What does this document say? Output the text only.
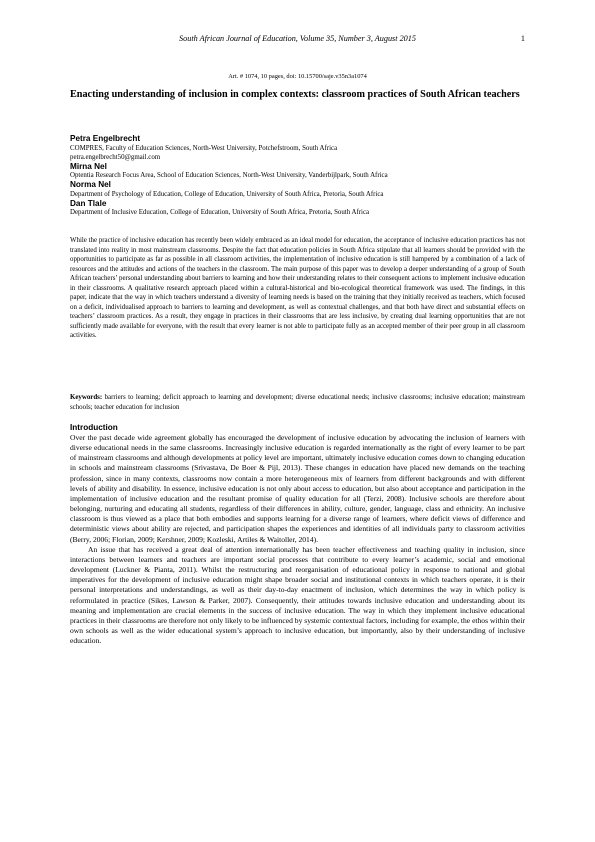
South African Journal of Education, Volume 35, Number 3, August 2015	1
Art. # 1074, 10 pages, doi: 10.15700/saje.v35n3a1074
Enacting understanding of inclusion in complex contexts: classroom practices of South African teachers
Petra Engelbrecht
COMPRES, Faculty of Education Sciences, North-West University, Potchefstroom, South Africa
petra.engelbrecht50@gmail.com
Mirna Nel
Optentia Research Focus Area, School of Education Sciences, North-West University, Vanderbijlpark, South Africa
Norma Nel
Department of Psychology of Education, College of Education, University of South Africa, Pretoria, South Africa
Dan Tlale
Department of Inclusive Education, College of Education, University of South Africa, Pretoria, South Africa

While the practice of inclusive education has recently been widely embraced as an ideal model for education, the acceptance of inclusive education practices has not translated into reality in most mainstream classrooms. Despite the fact that education policies in South Africa stipulate that all learners should be provided with the opportunities to participate as far as possible in all classroom activities, the implementation of inclusive education is still hampered by a combination of a lack of resources and the attitudes and actions of the teachers in the classroom. The main purpose of this paper was to develop a deeper understanding of a group of South African teachers’ personal understanding about barriers to learning and how their understanding relates to their consequent actions to implement inclusive education in their classrooms. A qualitative research approach placed within a cultural-historical and bio-ecological theoretical framework was used. The findings, in this paper, indicate that the way in which teachers understand a diversity of learning needs is based on the training that they initially received as teachers, which focused on a deficit, individualised approach to barriers to learning and development, as well as contextual challenges, and that both have direct and substantial effects on teachers’ classroom practices. As a result, they engage in practices in their classrooms that are less inclusive, by creating dual learning opportunities that are not sufficiently made available for everyone, with the result that every learner is not able to participate fully as an accepted member of their peer group in all classroom activities.

Keywords: barriers to learning; deficit approach to learning and development; diverse educational needs; inclusive classrooms; inclusive education; mainstream schools; teacher education for inclusion

Introduction

Over the past decade wide agreement globally has encouraged the development of inclusive education by advocating the inclusion of learners with diverse educational needs in the same classrooms. Increasingly inclusive education is regarded internationally as the right of every learner to be part of mainstream classrooms and although developments at policy level are important, ultimately inclusive education comes down to changing education in schools and mainstream classrooms (Srivastava, De Boer & Pijl, 2013). These changes in education have placed new demands on the teaching profession, since in many contexts, classrooms now contain a more heterogeneous mix of learners from different backgrounds and with different levels of ability and disability. In essence, inclusive education is not only about access to education, but also about acceptance and participation in the implementation of inclusive education and the resultant promise of quality education for all (Terzi, 2008). Inclusive schools are therefore about belonging, nurturing and educating all students, regardless of their differences in ability, culture, gender, language, class and ethnicity. An inclusive classroom is thus viewed as a place that both embodies and supports learning for a diverse range of learners, where deficit views of difference and deterministic views about ability are rejected, and participation shapes the experiences and identities of all individuals party to classroom activities (Berry, 2006; Florian, 2009; Kershner, 2009; Kozleski, Artiles & Waitoller, 2014).

An issue that has received a great deal of attention internationally has been teacher effectiveness and teaching quality in inclusion, since interactions between learners and teachers are important social processes that contribute to every learner’s academic, social and emotional development (Luckner & Pianta, 2011). Whilst the restructuring and reorganisation of educational policy in response to national and global imperatives for the development of inclusive education might shape broader social and institutional contexts in which teachers operate, it is their personal interpretations and understandings, as well as their day-to-day enactment of inclusion, which determines the way in which policy is reformulated in practice (Sikes, Lawson & Parker, 2007). Consequently, their attitudes towards inclusive education and understanding about its meaning and implementation are crucial elements in the success of inclusive education. The way in which they implement inclusive educational practices in their classrooms are therefore not only likely to be influenced by systemic contextual factors, including for example, the ethos within their own schools as well as the wider educational system’s approach to inclusive education, but importantly, also by their understanding of inclusive education.
